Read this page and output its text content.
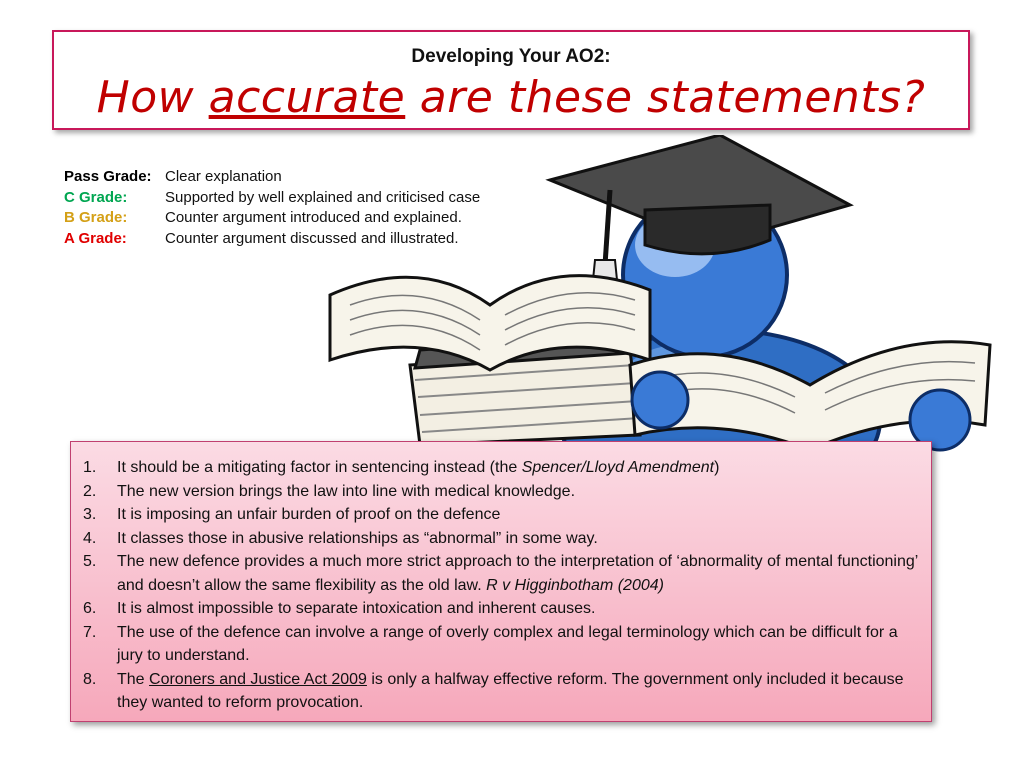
Developing Your AO2:
How accurate are these statements?
Pass Grade: Clear explanation
C Grade:	Supported by well explained and criticised case
B Grade:	Counter argument introduced and explained.
A Grade:	Counter argument discussed and illustrated.
1.	It should be a mitigating factor in sentencing instead (the Spencer/Lloyd Amendment)
2.	The new version brings the law into line with medical knowledge.
3.	It is imposing an unfair burden of proof on the defence
4.	It classes those in abusive relationships as “abnormal” in some way.
5.	The new defence provides a much more strict approach to the interpretation of ‘abnormality of mental functioning’ and doesn’t allow the same flexibility as the old law. R v Higginbotham (2004)
6.	It is almost impossible to separate intoxication and inherent causes.
7.	The use of the defence can involve a range of overly complex and legal terminology which can be difficult for a jury to understand.
8.	The Coroners and Justice Act 2009 is only a halfway effective reform. The government only included it because they wanted to reform provocation.
